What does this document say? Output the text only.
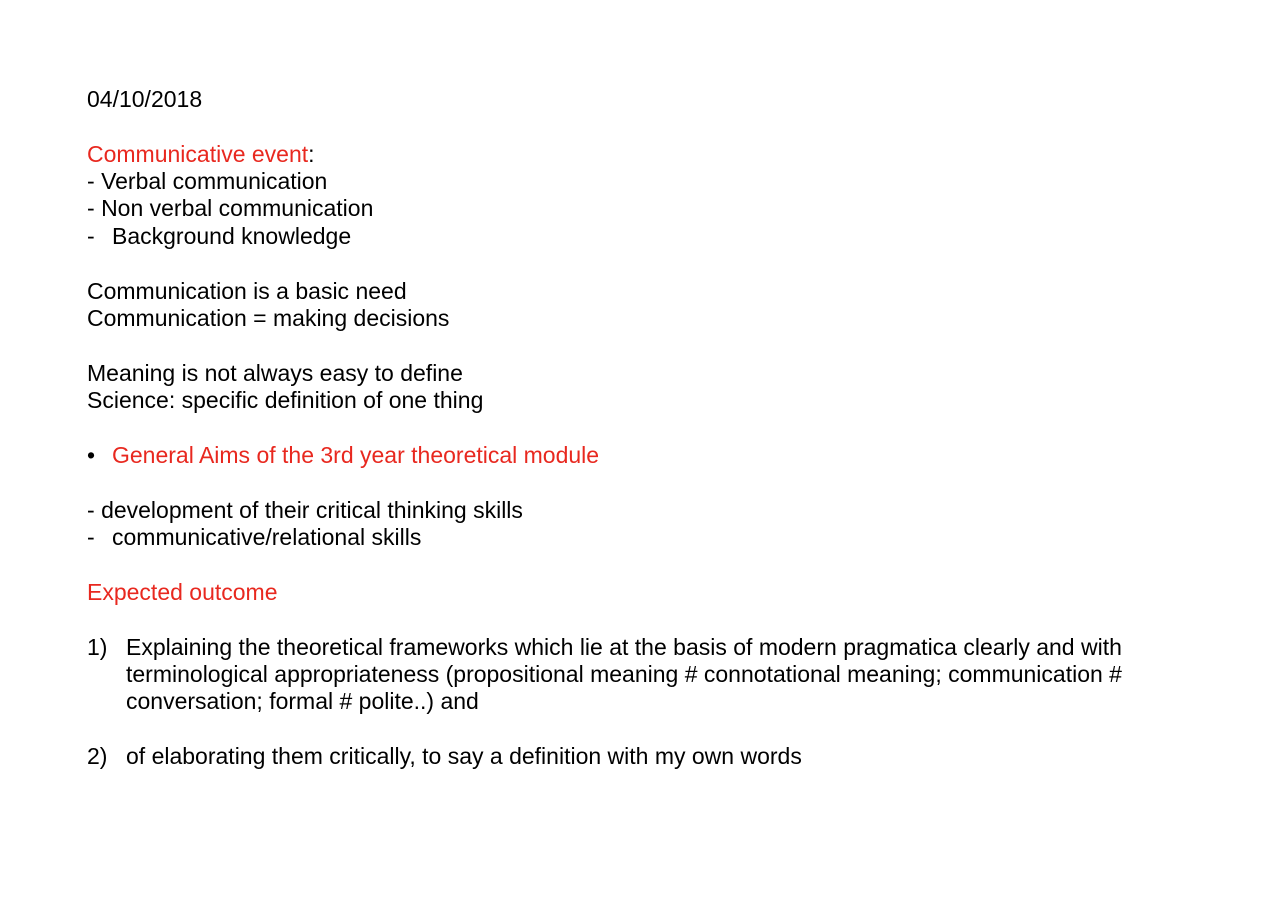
04/10/2018
Communicative event:
- Verbal communication
- Non verbal communication
- Background knowledge
Communication is a basic need
Communication = making decisions
Meaning is not always easy to define
Science: specific definition of one thing
• General Aims of the 3rd year theoretical module
- development of their critical thinking skills
- communicative/relational skills
Expected outcome
1) Explaining the theoretical frameworks which lie at the basis of modern pragmatica clearly and with
terminological appropriateness (propositional meaning # connotational meaning; communication #
conversation; formal # polite..) and
2) of elaborating them critically, to say a definition with my own words
